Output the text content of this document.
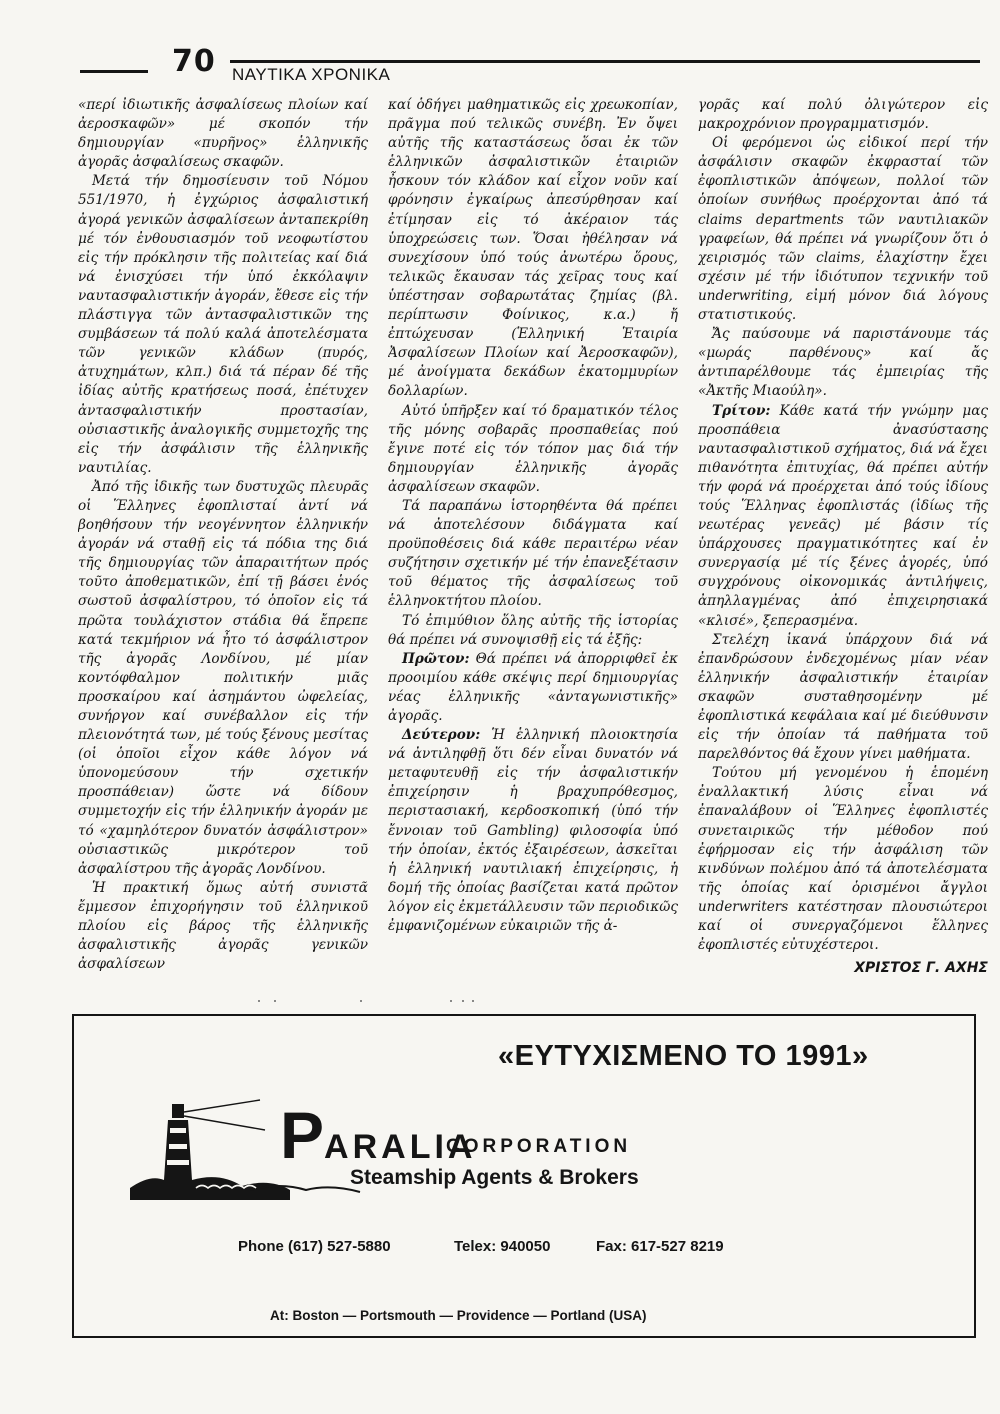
70 ΝΑΥΤΙΚΑ ΧΡΟΝΙΚΑ

«περί ἰδιωτικῆς ἀσφαλίσεως πλοίων καί ἀεροσκαφῶν» μέ σκοπόν τήν δημιουργίαν «πυρῆνος» ἑλληνικῆς ἀγορᾶς ἀσφαλίσεως σκαφῶν.

Μετά τήν δημοσίευσιν τοῦ Νόμου 551/1970, ἡ ἐγχώριος ἀσφαλιστική ἀγορά γενικῶν ἀσφαλίσεων ἀνταπεκρίθη μέ τόν ἐνθουσιασμόν τοῦ νεοφωτίστου εἰς τήν πρόκλησιν τῆς πολιτείας καί διά νά ἐνισχύσει τήν ὑπό ἐκκόλαψιν ναυτασφαλιστικήν ἀγοράν, ἔθεσε εἰς τήν πλάστιγγα τῶν ἀντασφαλιστικῶν της συμβάσεων τά πολύ καλά ἀποτελέσματα τῶν γενικῶν κλάδων (πυρός, ἀτυχημάτων, κλπ.) διά τά πέραν δέ τῆς ἰδίας αὐτῆς κρατήσεως ποσά, ἐπέτυχεν ἀντασφαλιστικήν προστασίαν, οὐσιαστικῆς ἀναλογικῆς συμμετοχῆς της εἰς τήν ἀσφάλισιν τῆς ἑλληνικῆς ναυτιλίας.

Ἀπό τῆς ἰδικῆς των δυστυχῶς πλευρᾶς οἱ Ἕλληνες ἐφοπλισταί ἀντί νά βοηθήσουν τήν νεογέννητον ἑλληνικήν ἀγοράν νά σταθῇ εἰς τά πόδια της διά τῆς δημιουργίας τῶν ἀπαραιτήτων πρός τοῦτο ἀποθεματικῶν, ἐπί τῇ βάσει ἑνός σωστοῦ ἀσφαλίστρου, τό ὁποῖον εἰς τά πρῶτα τουλάχιστον στάδια θά ἔπρεπε κατά τεκμήριον νά ἦτο τό ἀσφάλιστρον τῆς ἀγορᾶς Λονδίνου, μέ μίαν κοντόφθαλμον πολιτικήν μιᾶς προσκαίρου καί ἀσημάντου ὠφελείας, συνήργον καί συνέβαλλον εἰς τήν πλειονότητά των, μέ τούς ξένους μεσίτας (οἱ ὁποῖοι εἶχον κάθε λόγον νά ὑπονομεύσουν τήν σχετικήν προσπάθειαν) ὥστε νά δίδουν συμμετοχήν εἰς τήν ἑλληνικήν ἀγοράν με τό «χαμηλότερον δυνατόν ἀσφάλιστρον» οὐσιαστικῶς μικρότερον τοῦ ἀσφαλίστρου τῆς ἀγορᾶς Λονδίνου.

Ἡ πρακτική ὅμως αὐτή συνιστᾶ ἔμμεσον ἐπιχορήγησιν τοῦ ἑλληνικοῦ πλοίου εἰς βάρος τῆς ἑλληνικῆς ἀσφαλιστικῆς ἀγορᾶς γενικῶν ἀσφαλίσεων

καί ὁδήγει μαθηματικῶς εἰς χρεωκοπίαν, πρᾶγμα πού τελικῶς συνέβη. Ἐν ὄψει αὐτῆς τῆς καταστάσεως ὅσαι ἐκ τῶν ἑλληνικῶν ἀσφαλιστικῶν ἑταιριῶν ἦσκουν τόν κλάδον καί εἶχον νοῦν καί φρόνησιν ἐγκαίρως ἀπεσύρθησαν καί ἐτίμησαν εἰς τό ἀκέραιον τάς ὑποχρεώσεις των. Ὅσαι ἠθέλησαν νά συνεχίσουν ὑπό τούς ἀνωτέρω ὅρους, τελικῶς ἔκαυσαν τάς χεῖρας τους καί ὑπέστησαν σοβαρωτάτας ζημίας (βλ. περίπτωσιν Φοίνικος, κ.α.) ἤ ἐπτώχευσαν (Ἑλληνική Ἑταιρία Ἀσφαλίσεων Πλοίων καί Ἀεροσκαφῶν), μέ ἀνοίγματα δεκάδων ἑκατομμυρίων δολλαρίων.

Αὐτό ὑπῆρξεν καί τό δραματικόν τέλος τῆς μόνης σοβαρᾶς προσπαθείας πού ἔγινε ποτέ εἰς τόν τόπον μας διά τήν δημιουργίαν ἑλληνικῆς ἀγορᾶς ἀσφαλίσεων σκαφῶν.

Τά παραπάνω ἱστορηθέντα θά πρέπει νά ἀποτελέσουν διδάγματα καί προϋποθέσεις διά κάθε περαιτέρω νέαν συζήτησιν σχετικήν μέ τήν ἐπανεξέτασιν τοῦ θέματος τῆς ἀσφαλίσεως τοῦ ἑλληνοκτήτου πλοίου.

Τό ἐπιμύθιον ὅλης αὐτῆς τῆς ἱστορίας θά πρέπει νά συνοψισθῇ εἰς τά ἑξῆς:

Πρῶτον: Θά πρέπει νά ἀπορριφθεῖ ἐκ προοιμίου κάθε σκέψις περί δημιουργίας νέας ἑλληνικῆς «ἀνταγωνιστικῆς» ἀγορᾶς.

Δεύτερον: Ἡ ἑλληνική πλοιοκτησία νά ἀντιληφθῇ ὅτι δέν εἶναι δυνατόν νά μεταφυτευθῇ εἰς τήν ἀσφαλιστικήν ἐπιχείρησιν ἡ βραχυπρόθεσμος, περιστασιακή, κερδοσκοπική (ὑπό τήν ἔννοιαν τοῦ Gambling) φιλοσοφία ὑπό τήν ὁποίαν, ἐκτός ἐξαιρέσεων, ἀσκεῖται ἡ ἑλληνική ναυτιλιακή ἐπιχείρησις, ἡ δομή τῆς ὁποίας βασίζεται κατά πρῶτον λόγον εἰς ἐκμετάλλευσιν τῶν περιοδικῶς ἐμφανιζομένων εὐκαιριῶν τῆς ἀ-

γορᾶς καί πολύ ὀλιγώτερον εἰς μακροχρόνιον προγραμματισμόν.

Οἱ φερόμενοι ὡς εἰδικοί περί τήν ἀσφάλισιν σκαφῶν ἐκφρασταί τῶν ἐφοπλιστικῶν ἀπόψεων, πολλοί τῶν ὁποίων συνήθως προέρχονται ἀπό τά claims departments τῶν ναυτιλιακῶν γραφείων, θά πρέπει νά γνωρίζουν ὅτι ὁ χειρισμός τῶν claims, ἐλαχίστην ἔχει σχέσιν μέ τήν ἰδιότυπον τεχνικήν τοῦ underwriting, εἰμή μόνον διά λόγους στατιστικούς.

Ἄς παύσουμε νά παριστάνουμε τάς «μωράς παρθένους» καί ἄς ἀντιπαρέλθουμε τάς ἐμπειρίας τῆς «Ἀκτῆς Μιαούλη».

Τρίτον: Κάθε κατά τήν γνώμην μας προσπάθεια ἀνασύστασης ναυτασφαλιστικοῦ σχήματος, διά νά ἔχει πιθανότητα ἐπιτυχίας, θά πρέπει αὐτήν τήν φορά νά προέρχεται ἀπό τούς ἰδίους τούς Ἕλληνας ἐφοπλιστάς (ἰδίως τῆς νεωτέρας γενεᾶς) μέ βάσιν τίς ὑπάρχουσες πραγματικότητες καί ἐν συνεργασίᾳ μέ τίς ξένες ἀγορές, ὑπό συγχρόνους οἰκονομικάς ἀντιλήψεις, ἀπηλλαγμένας ἀπό ἐπιχειρησιακά «κλισέ», ξεπερασμένα.

Στελέχη ἱκανά ὑπάρχουν διά νά ἐπανδρώσουν ἐνδεχομένως μίαν νέαν ἑλληνικήν ἀσφαλιστικήν ἑταιρίαν σκαφῶν συσταθησομένην μέ ἐφοπλιστικά κεφάλαια καί μέ διεύθυνσιν εἰς τήν ὁποίαν τά παθήματα τοῦ παρελθόντος θά ἔχουν γίνει μαθήματα.

Τούτου μή γενομένου ἡ ἑπομένη ἐναλλακτική λύσις εἶναι νά ἐπαναλάβουν οἱ Ἕλληνες ἐφοπλιστές συνεταιρικῶς τήν μέθοδον πού ἐφήρμοσαν εἰς τήν ἀσφάλιση τῶν κινδύνων πολέμου ἀπό τά ἀποτελέσματα τῆς ὁποίας καί ὁρισμένοι ἄγγλοι underwriters κατέστησαν πλουσιώτεροι καί οἱ συνεργαζόμενοι ἕλληνες ἐφοπλιστές εὐτυχέστεροι.

ΧΡΙΣΤΟΣ Γ. ΑΧΗΣ

«ΕΥΤΥΧΙΣΜΕΝΟ ΤΟ 1991»
PARALIA
CORPORATION
Steamship Agents & Brokers
Phone (617) 527-5880	Telex: 940050	Fax: 617-527 8219
At: Boston — Portsmouth — Providence — Portland (USA)
